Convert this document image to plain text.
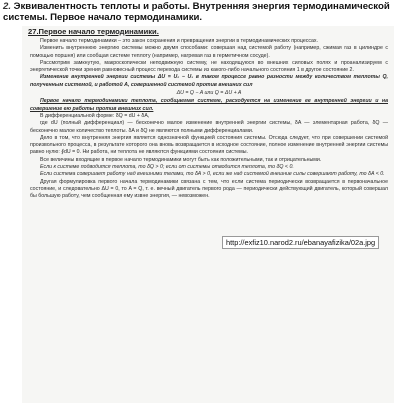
2. Эквивалентность теплоты и работы. Внутренняя энергия термодинамической системы. Первое начало термодинамики.
27.Первое начало термодинамики.

Первое начало термодинамики – это закон сохранения и превращения энергии в термодинамических процессах.

Изменить внутреннюю энергию системы можно двумя способами: совершая над системой работу (например, сжимая газ в цилиндре с помощью поршня) или сообщая системе теплоту (например, нагревая газ в герметичном сосуде).

Рассмотрим замкнутую, макроскопически неподвижную систему, не находящуюся во внешних силовых полях и проанализируем с энергетической точки зрения равновесный процесс перехода системы из какого-либо начального состояния 1 в другое состояние 2.

Изменение внутренней энергии системы ΔU = U₂ − U₁ в таком процессе равно разности между количеством теплоты Q, полученным системой, и работой A, совершенной системой против внешних сил

ΔU = Q − A или Q = ΔU + A

Первое начало термодинамики теплота, сообщаемая системе, расходуется на изменение ее внутренней энергии и на совершение ею работы против внешних сил.

В дифференциальной форме: δQ = dU + δA,

где dU (полный дифференциал) — бесконечно малое изменение внутренней энергии системы, δA — элементарная работа, δQ — бесконечно малое количество теплоты. δA и δQ не являются полными дифференциалами.

Дело в том, что внутренняя энергия является однозначной функцией состояния системы. Отсюда следует, что при совершении системой произвольного процесса, в результате которого она вновь возвращается в исходное состояние, полное изменение внутренней энергии системы равно нулю: ∮dU = 0. Ни работа, ни теплота не являются функциями состояния системы.

Все величины входящие в первое начало термодинамики могут быть как положительными, так и отрицательными.

Если к системе подводится теплота, то δQ > 0; если от системы отводится теплота, то δQ < 0.

Если система совершает работу над внешними телами, то δA > 0, если же над системой внешние силы совершают работу, то δA < 0.

Другая формулировка первого начала термодинамики связана с тем, что если система периодически возвращается в первоначальное состояние, и следовательно ΔU = 0, то A = Q, т. е. вечный двигатель первого рода — периодически действующий двигатель, который совершал бы большую работу, чем сообщенная ему извне энергия, — невозможен.

http://exfiz10.narod2.ru/ebanayafizika/02a.jpg
